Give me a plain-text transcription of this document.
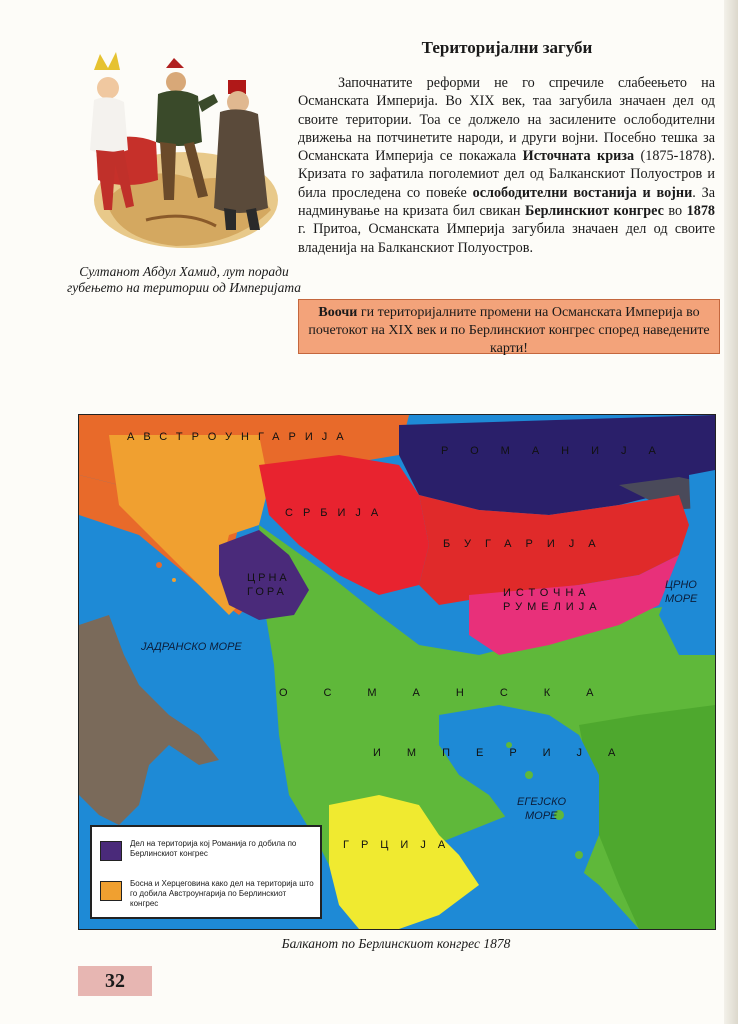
Султанот Абдул Хамид, лут поради губењето на територии од Империјата
Територијални загуби

Започнатите реформи не го спречиле слабеењето на Османската Империја. Во XIX век, таа загубила значаен дел од своите територии. Тоа се должело на засилените ослободителни движења на потчинетите народи, и други војни. Посебно тешка за Османската Империја се покажала Источната криза (1875-1878). Кризата го зафатила поголемиот дел од Балканскиот Полуостров и била проследена со повеќе ослободителни востанија и војни. За надминување на кризата бил свикан Берлинскиот конгрес во 1878 г. Притоа, Османската Империја загубила значаен дел од своите владенија на Балканскиот Полуостров.

Воочи ги територијалните промени на Османската Империја во почетокот на XIX век и по Берлинскиот конгрес според наведените карти!
АВСТРОУНГАРИЈА
РОМАНИЈА
СРБИЈА
БУГАРИЈА
ЦРНА
ГОРА	ИСТОЧНА
РУМЕЛИЈА
ОСМАНСКА
ИМПЕРИЈА
ГРЦИЈА
ЈАДРАНСКО МОРЕ
ЦРНО
МОРЕ
ЕГЕЈСКО
МОРЕ
Дел на територија кој Романија го добила по Берлинскиот конгрес
Босна и Херцеговина како дел на територија што го добила Австроунгарија по Берлинскиот конгрес
Балканот по Берлинскиот конгрес 1878
32
